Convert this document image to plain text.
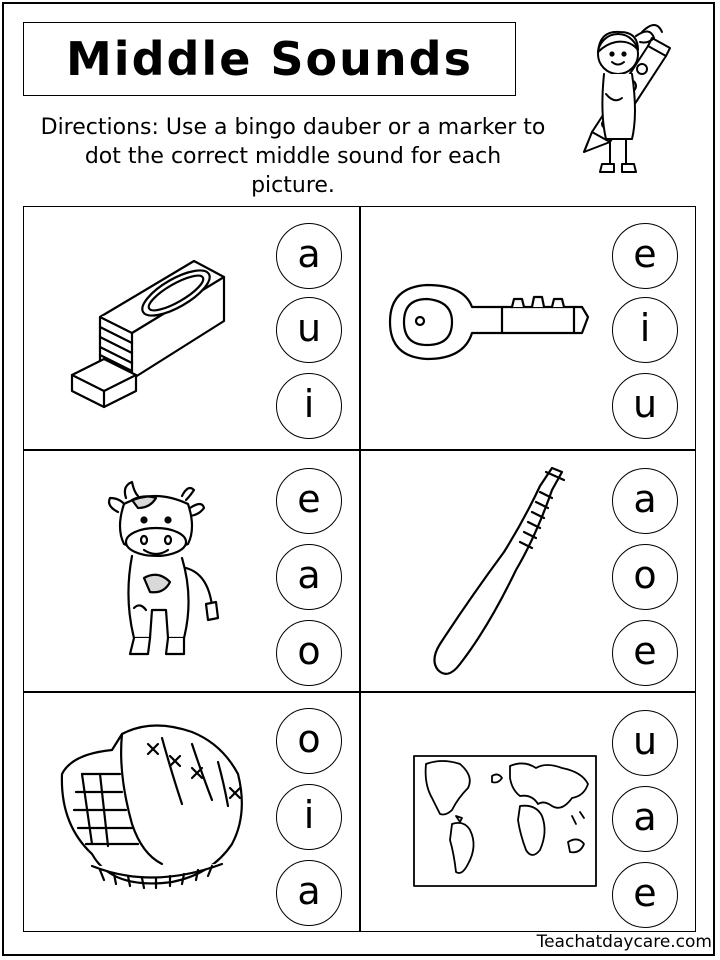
Middle Sounds
Directions: Use a bingo dauber or a marker to
dot the correct middle sound for each
picture.
a
u
i
e
i
u
e
a
o
a
o
e
o
i
a
u
a
e
Teachatdaycare.com
